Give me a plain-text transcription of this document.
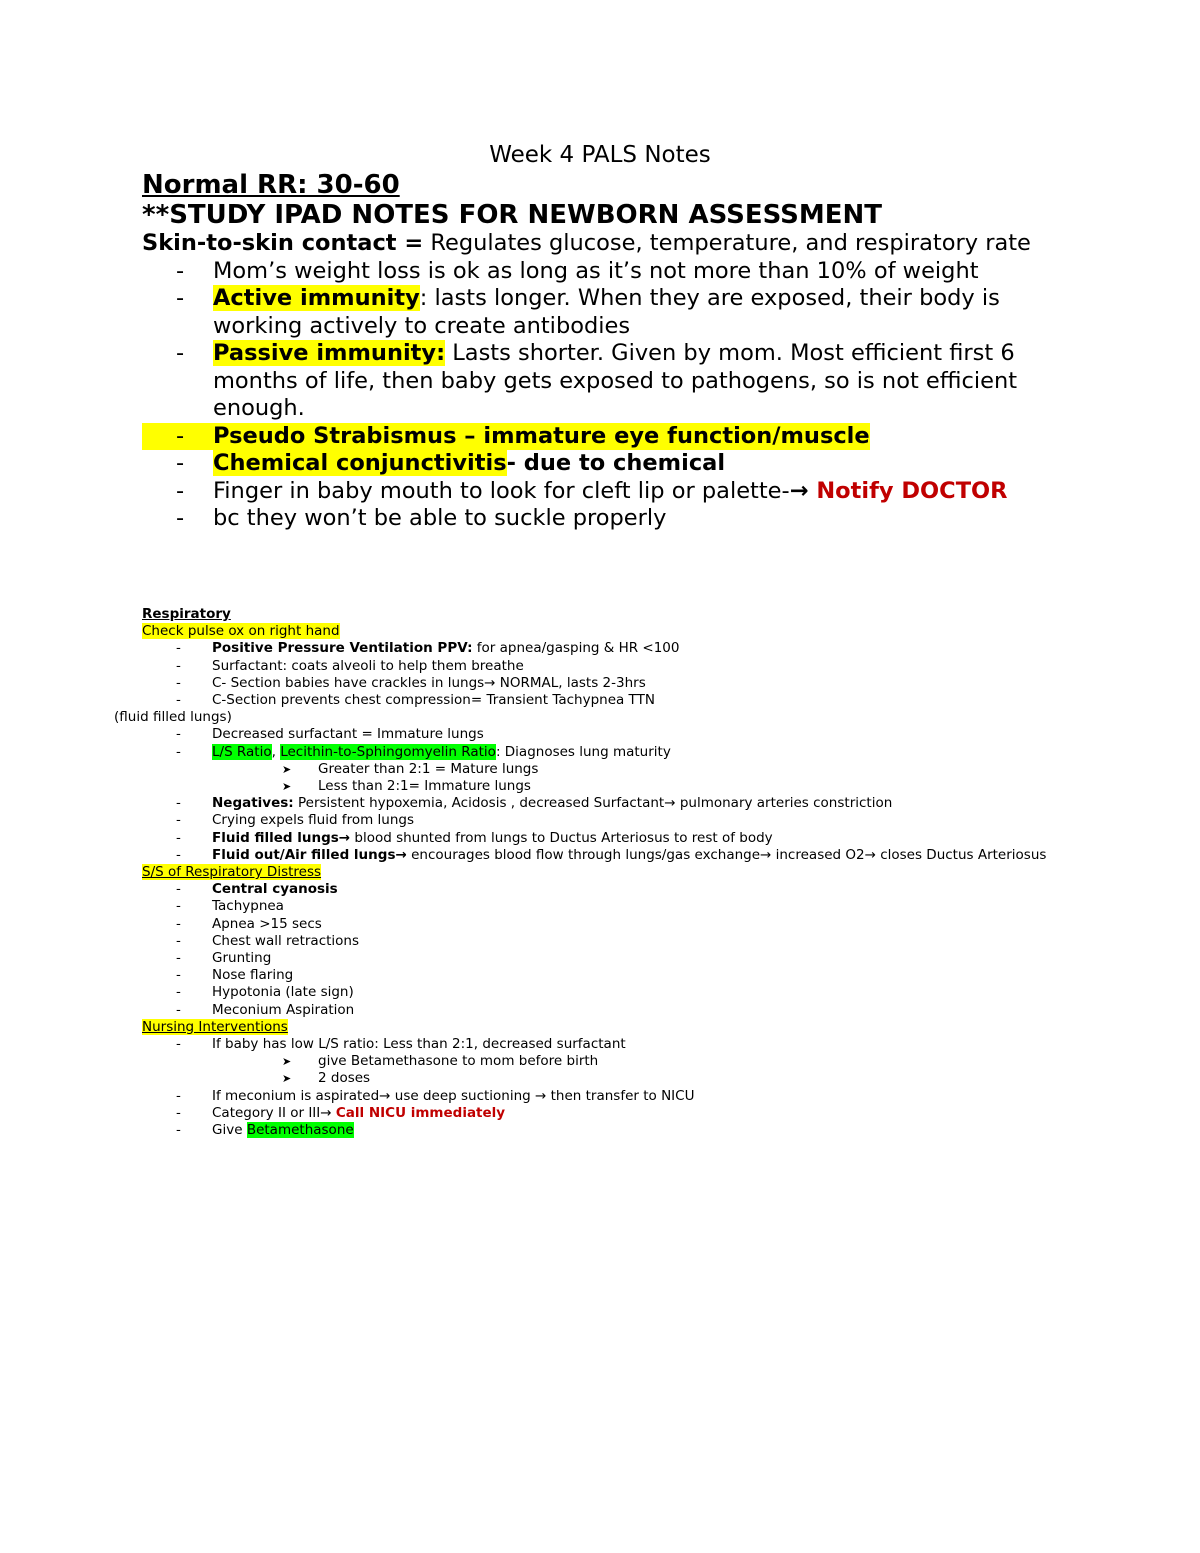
Week 4 PALS Notes
Normal RR: 30-60
**STUDY IPAD NOTES FOR NEWBORN ASSESSMENT
Skin-to-skin contact = Regulates glucose, temperature, and respiratory rate
- Mom’s weight loss is ok as long as it’s not more than 10% of weight
- Active immunity: lasts longer. When they are exposed, their body is working actively to create antibodies
- Passive immunity: Lasts shorter. Given by mom. Most efficient first 6 months of life, then baby gets exposed to pathogens, so is not efficient enough.
- Pseudo Strabismus – immature eye function/muscle
- Chemical conjunctivitis- due to chemical
- Finger in baby mouth to look for cleft lip or palette-→ Notify DOCTOR
- bc they won’t be able to suckle properly
Respiratory
Check pulse ox on right hand
- Positive Pressure Ventilation PPV: for apnea/gasping & HR <100
- Surfactant: coats alveoli to help them breathe
- C- Section babies have crackles in lungs→ NORMAL, lasts 2-3hrs
- C-Section prevents chest compression= Transient Tachypnea TTN
(fluid filled lungs)
- Decreased surfactant = Immature lungs
- L/S Ratio, Lecithin-to-Sphingomyelin Ratio: Diagnoses lung maturity
➤ Greater than 2:1 = Mature lungs
➤ Less than 2:1= Immature lungs
- Negatives: Persistent hypoxemia, Acidosis , decreased Surfactant→ pulmonary arteries constriction
- Crying expels fluid from lungs
- Fluid filled lungs→ blood shunted from lungs to Ductus Arteriosus to rest of body
- Fluid out/Air filled lungs→ encourages blood flow through lungs/gas exchange→ increased O2→ closes Ductus Arteriosus
S/S of Respiratory Distress
- Central cyanosis
- Tachypnea
- Apnea >15 secs
- Chest wall retractions
- Grunting
- Nose flaring
- Hypotonia (late sign)
- Meconium Aspiration
Nursing Interventions
- If baby has low L/S ratio: Less than 2:1, decreased surfactant
➤ give Betamethasone to mom before birth
➤ 2 doses
- If meconium is aspirated→ use deep suctioning → then transfer to NICU
- Category II or III→ Call NICU immediately
- Give Betamethasone
